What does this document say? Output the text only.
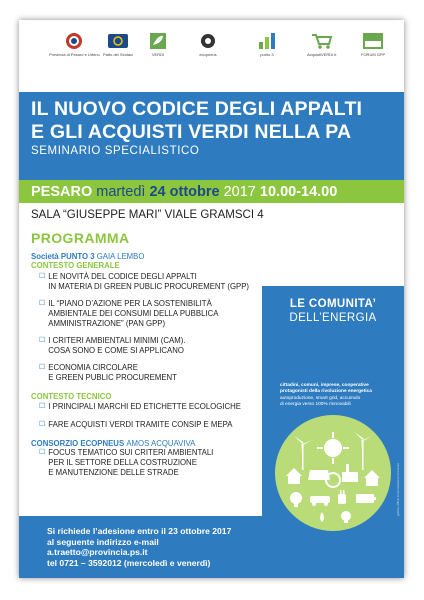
Provincia di Pesaro e Urbino Patto dei Sindaci	VERDI	ecopneus	punto 3	AcquistiVERDI.it	FORUM GPP
IL NUOVO CODICE DEGLI APPALTI
E GLI ACQUISTI VERDI NELLA PA
SEMINARIO SPECIALISTICO
PESARO martedì 24 ottobre 2017 10.00-14.00
SALA “GIUSEPPE MARI” VIALE GRAMSCI 4
PROGRAMMA
Società PUNTO 3 GAIA LEMBO
CONTESTO GENERALE
☐ LE NOVITÀ DEL CODICE DEGLI APPALTI
IN MATERIA DI GREEN PUBLIC PROCUREMENT (GPP)
☐ IL “PIANO D’AZIONE PER LA SOSTENIBILITÀ
AMBIENTALE DEI CONSUMI DELLA PUBBLICA
AMMINISTRAZIONE” (PAN GPP)
☐ I CRITERI AMBIENTALI MINIMI (CAM).
COSA SONO E COME SI APPLICANO
☐ ECONOMIA CIRCOLARE
E GREEN PUBLIC PROCUREMENT
CONTESTO TECNICO
☐ I PRINCIPALI MARCHI ED ETICHETTE ECOLOGICHE
☐ FARE ACQUISTI VERDI TRAMITE CONSIP E MEPA
CONSORZIO ECOPNEUS AMOS ACQUAVIVA
☐ FOCUS TEMATICO SUI CRITERI AMBIENTALI
PER IL SETTORE DELLA COSTRUZIONE
E MANUTENZIONE DELLE STRADE
LE COMUNITA’
DELL’ENERGIA
cittadini, comuni, imprese, cooperative
protagonisti della rivoluzione energetica
autoproduzione, smart grid, accumulo
di energia verso 100% rinnovabili
grafica Ufficio Comunicazione Provincia
Si richiede l’adesione entro il 23 ottobre 2017
al seguente indirizzo e-mail
a.traetto@provincia.ps.it
tel 0721 – 3592012 (mercoledì e venerdì)
